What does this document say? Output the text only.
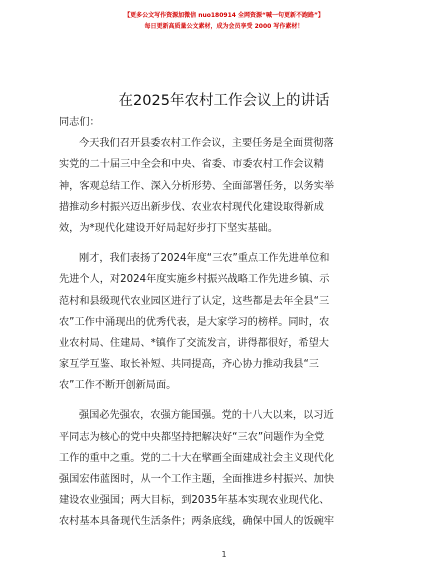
【更多公文写作资源加微信 nuo180914 全网资源“喊一句更新不跑路”】
每日更新高质量公文素材，成为会员享受 2000 写作素材！
在2025年农村工作会议上的讲话
同志们：
今天我们召开县委农村工作会议，主要任务是全面贯彻落
实党的二十届三中全会和中央、省委、市委农村工作会议精
神，客观总结工作、深入分析形势、全面部署任务，以务实举
措推动乡村振兴迈出新步伐、农业农村现代化建设取得新成
效，为*现代化建设开好局起好步打下坚实基础。
刚才，我们表扬了2024年度“三农”重点工作先进单位和
先进个人，对2024年度实施乡村振兴战略工作先进乡镇、示
范村和县级现代农业园区进行了认定，这些都是去年全县“三
农”工作中涌现出的优秀代表，是大家学习的榜样。同时，农
业农村局、住建局、*镇作了交流发言，讲得都很好，希望大
家互学互鉴、取长补短、共同提高，齐心协力推动我县“三
农”工作不断开创新局面。
强国必先强农，农强方能国强。党的十八大以来，以习近
平同志为核心的党中央都坚持把解决好“三农”问题作为全党
工作的重中之重。党的二十大在擘画全面建成社会主义现代化
强国宏伟蓝图时，从一个工作主题，全面推进乡村振兴、加快
建设农业强国；两大目标，到2035年基本实现农业现代化、
农村基本具备现代生活条件；两条底线，确保中国人的饭碗牢
1
